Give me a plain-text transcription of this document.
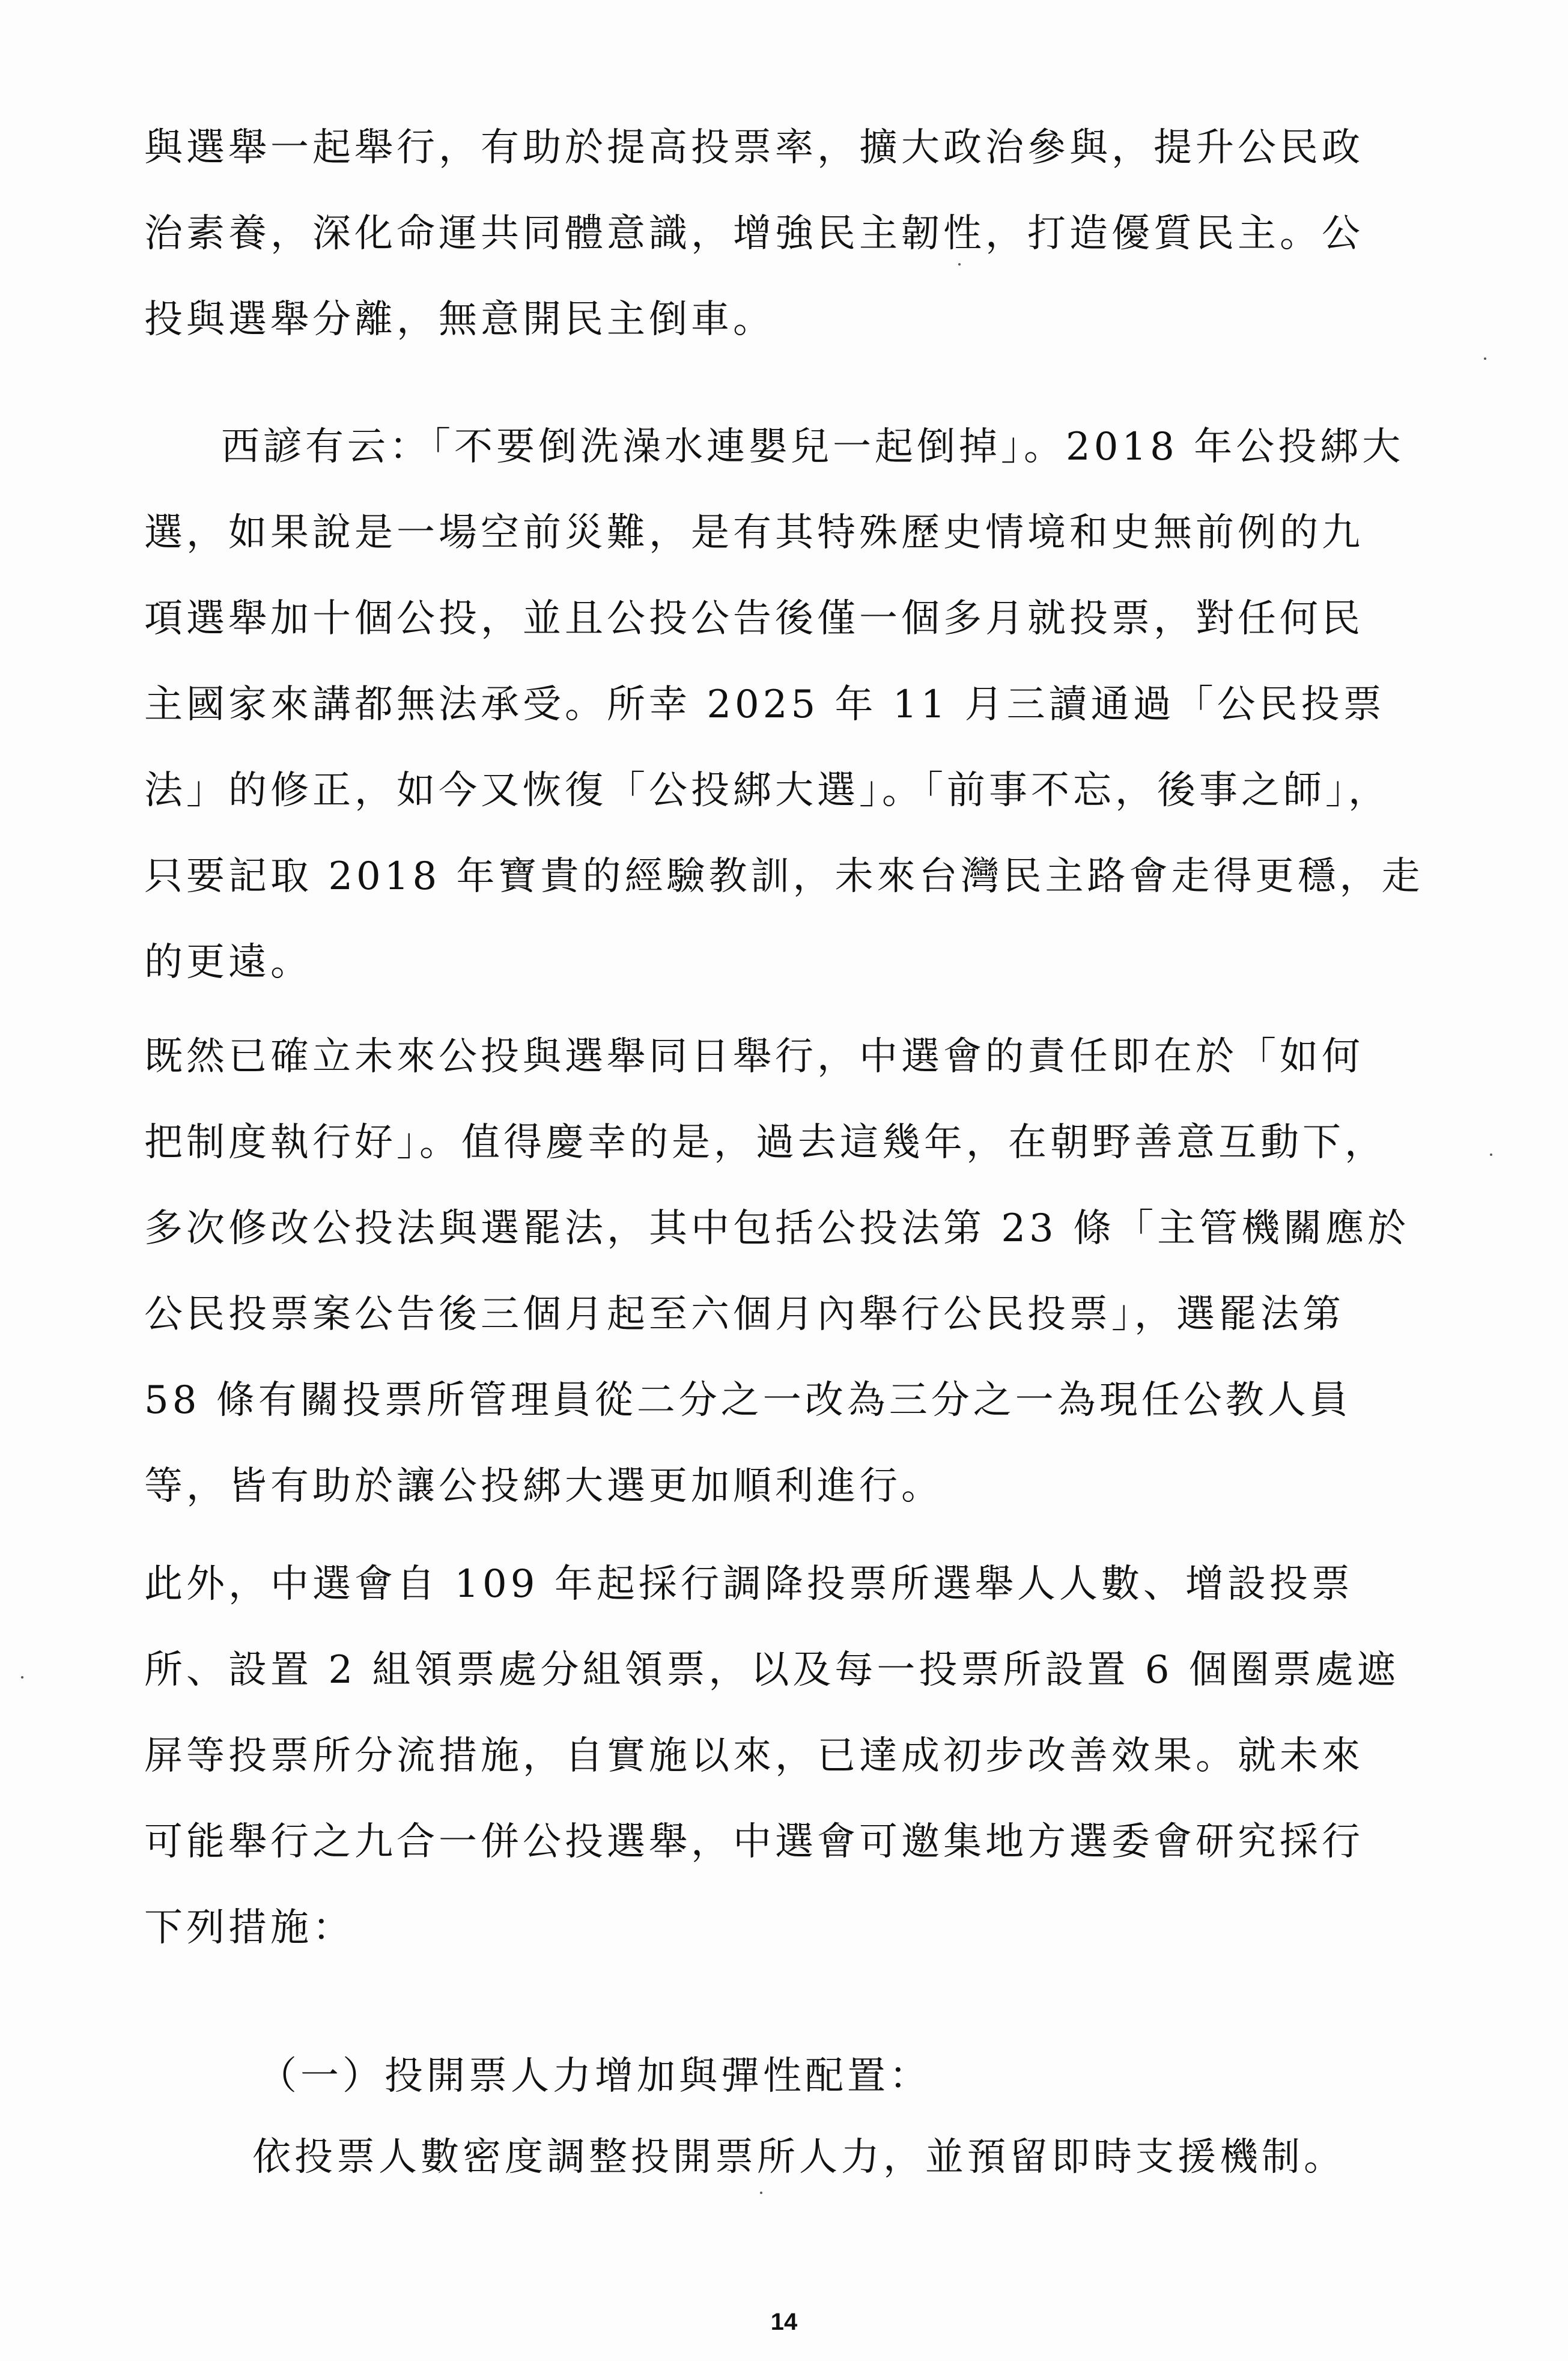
與選舉一起舉行，有助於提高投票率，擴大政治參與，提升公民政
治素養，深化命運共同體意識，增強民主韌性，打造優質民主。公
投與選舉分離，無意開民主倒車。
西諺有云：「不要倒洗澡水連嬰兒一起倒掉」。2018 年公投綁大
選，如果說是一場空前災難，是有其特殊歷史情境和史無前例的九
項選舉加十個公投，並且公投公告後僅一個多月就投票，對任何民
主國家來講都無法承受。所幸 2025 年 11 月三讀通過「公民投票
法」的修正，如今又恢復「公投綁大選」。「前事不忘，後事之師」，
只要記取 2018 年寶貴的經驗教訓，未來台灣民主路會走得更穩，走
的更遠。
既然已確立未來公投與選舉同日舉行，中選會的責任即在於「如何
把制度執行好」。值得慶幸的是，過去這幾年，在朝野善意互動下，
多次修改公投法與選罷法，其中包括公投法第 23 條「主管機關應於
公民投票案公告後三個月起至六個月內舉行公民投票」，選罷法第
58 條有關投票所管理員從二分之一改為三分之一為現任公教人員
等，皆有助於讓公投綁大選更加順利進行。
此外，中選會自 109 年起採行調降投票所選舉人人數、增設投票
所、設置 2 組領票處分組領票，以及每一投票所設置 6 個圈票處遮
屏等投票所分流措施，自實施以來，已達成初步改善效果。就未來
可能舉行之九合一併公投選舉，中選會可邀集地方選委會研究採行
下列措施：
（一）投開票人力增加與彈性配置：
依投票人數密度調整投開票所人力，並預留即時支援機制。
14
